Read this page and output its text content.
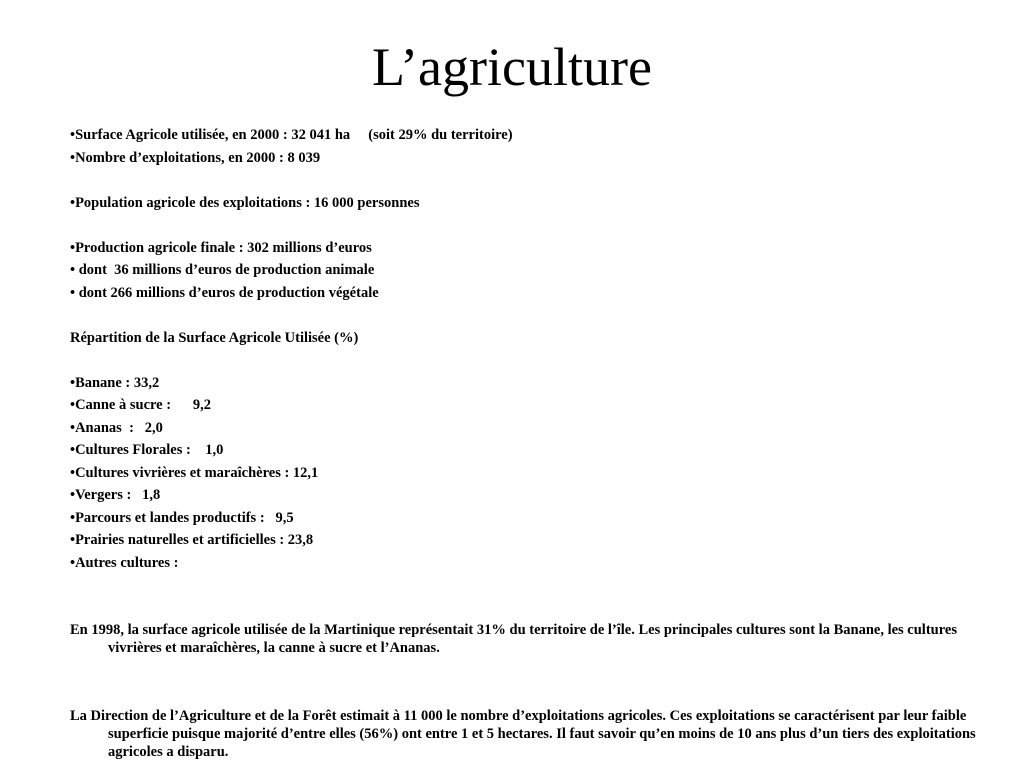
L’agriculture
•Surface Agricole utilisée, en 2000 : 32 041 ha     (soit 29% du territoire)
•Nombre d’exploitations, en 2000 : 8 039
•Population agricole des exploitations : 16 000 personnes
•Production agricole finale : 302 millions d’euros
• dont  36 millions d’euros de production animale
• dont 266 millions d’euros de production végétale
Répartition de la Surface Agricole Utilisée (%)
•Banane : 33,2
•Canne à sucre :      9,2
•Ananas  :   2,0
•Cultures Florales :    1,0
•Cultures vivrières et maraîchères : 12,1
•Vergers :   1,8
•Parcours et landes productifs :   9,5
•Prairies naturelles et artificielles : 23,8
•Autres cultures :

En 1998, la surface agricole utilisée de la Martinique représentait 31% du territoire de l’île. Les principales cultures sont la Banane, les cultures vivrières et maraîchères, la canne à sucre et l’Ananas.

La Direction de l’Agriculture et de la Forêt estimait à 11 000 le nombre d’exploitations agricoles. Ces exploitations se caractérisent par leur faible superficie puisque majorité d’entre elles (56%) ont entre 1 et 5 hectares. Il faut savoir qu’en moins de 10 ans plus d’un tiers des exploitations agricoles a disparu.
